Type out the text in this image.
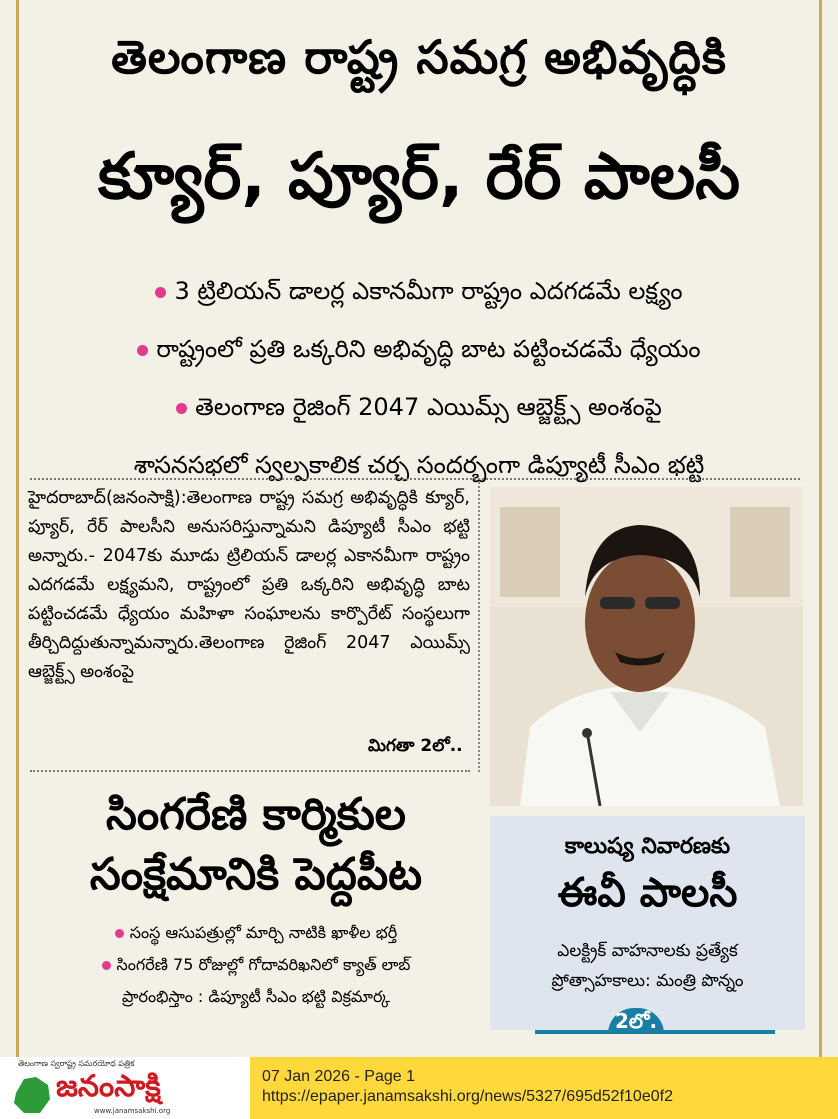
తెలంగాణ రాష్ట్ర సమగ్ర అభివృద్ధికి
క్యూర్, ప్యూర్, రేర్ పాలసీ
3 ట్రిలియన్ డాలర్ల ఎకానమీగా రాష్ట్రం ఎదగడమే లక్ష్యం
రాష్ట్రంలో ప్రతి ఒక్కరిని అభివృద్ధి బాట పట్టించడమే ధ్యేయం
తెలంగాణ రైజింగ్ 2047 ఎయిమ్స్ ఆబ్జెక్ట్స్ అంశంపై
శాసనసభలో స్వల్పకాలిక చర్చ సందర్భంగా డిప్యూటీ సీఎం భట్టి
హైదరాబాద్(జనంసాక్షి):తెలంగాణ రాష్ట్ర సమగ్ర అభివృద్ధికి క్యూర్, ప్యూర్, రేర్ పాలసీని అనుసరిస్తున్నామని డిప్యూటీ సీఎం భట్టి అన్నారు.- 2047కు మూడు ట్రిలియన్ డాలర్ల ఎకానమీగా రాష్ట్రం ఎదగడమే లక్ష్యమని, రాష్ట్రంలో ప్రతి ఒక్కరిని అభివృద్ధి బాట పట్టించడమే ధ్యేయం మహిళా సంఘాలను కార్పొరేట్ సంస్థలుగా తీర్చిదిద్దుతున్నామన్నారు.తెలంగాణ రైజింగ్ 2047 ఎయిమ్స్ ఆబ్జెక్ట్స్ అంశంపై
మిగతా 2లో..
సింగరేణి కార్మికుల
సంక్షేమానికి పెద్దపీట
సంస్థ ఆసుపత్రుల్లో మార్చి నాటికి ఖాళీల భర్తీ
సింగరేణి 75 రోజుల్లో గోదావరిఖనిలో క్యాత్ లాబ్
ప్రారంభిస్తాం : డిప్యూటీ సీఎం భట్టి విక్రమార్క
కాలుష్య నివారణకు
ఈవీ పాలసీ
ఎలక్ట్రిక్ వాహనాలకు ప్రత్యేక
ప్రోత్సాహకాలు: మంత్రి పొన్నం
2లో.
తెలంగాణ స్వరాష్ట్ర సమరయోధ పత్రిక
జనంసాక్షి
www.janamsakshi.org
07 Jan 2026 - Page 1
https://epaper.janamsakshi.org/news/5327/695d52f10e0f2
